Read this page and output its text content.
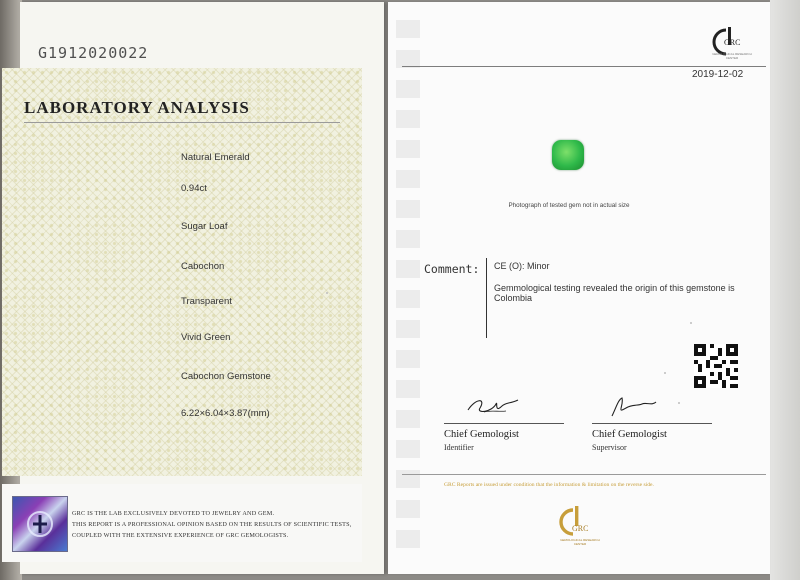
G1912020022
LABORATORY ANALYSIS
Natural Emerald
0.94ct
Sugar Loaf
Cabochon
Transparent
Vivid Green
Cabochon Gemstone
6.22×6.04×3.87(mm)
GRC IS THE LAB EXCLUSIVELY DEVOTED TO JEWELRY AND GEM.
THIS REPORT IS A PROFESSIONAL OPINION BASED ON THE RESULTS OF SCIENTIFIC TESTS,
COUPLED WITH THE EXTENSIVE EXPERIENCE OF GRC GEMOLOGISTS.
GRC
GEMOLOGICAL RESEARCH CENTER
2019-12-02
Photograph of tested gem not in actual size
Comment: CE (O): Minor
Gemmological testing revealed the origin of this gemstone is Colombia
Chief Gemologist
Identifier
Chief Gemologist
Supervisor
GRC Reports are issued under condition that the information & limitation on the reverse side.
GRC
GEMOLOGICAL RESEARCH CENTER
